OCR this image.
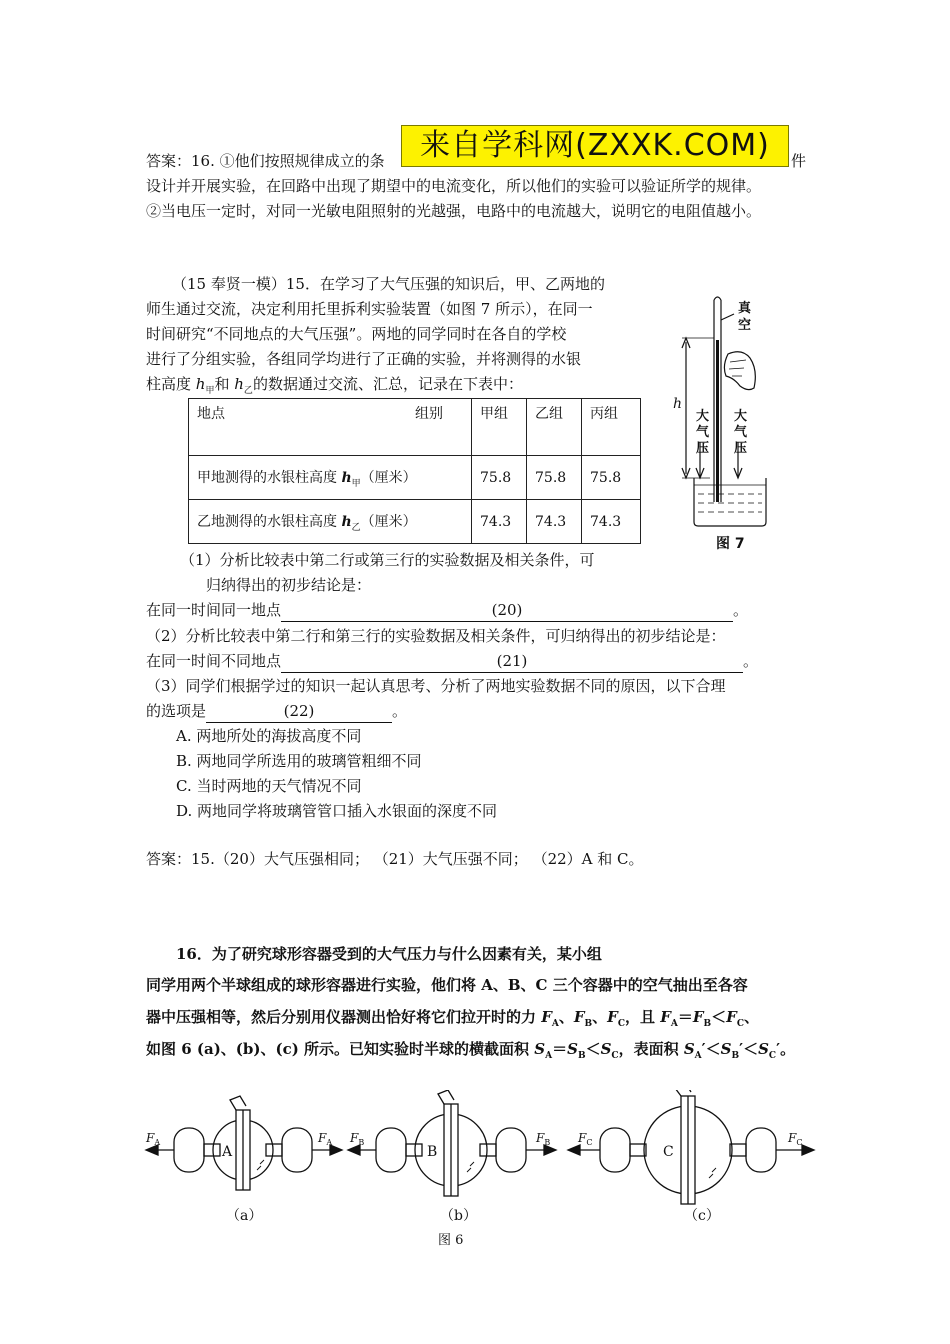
来自学科网(ZXXK.COM)
答案：16. ①他们按照规律成立的条	件
设计并开展实验，在回路中出现了期望中的电流变化，所以他们的实验可以验证所学的规律。
②当电压一定时，对同一光敏电阻照射的光越强，电路中的电流越大，说明它的电阻值越小。
（15 奉贤一模）15．在学习了大气压强的知识后，甲、乙两地的
师生通过交流，决定利用托里拆利实验装置（如图 7 所示），在同一
时间研究“不同地点的大气压强”。两地的同学同时在各自的学校
进行了分组实验，各组同学均进行了正确的实验，并将测得的水银
柱高度 $h_甲$和 $h_乙$的数据通过交流、汇总，记录在下表中：
地点 组别	甲组	乙组	丙组
甲地测得的水银柱高度 $h_甲$（厘米）	75.8	75.8	75.8
乙地测得的水银柱高度 $h_乙$（厘米）	74.3	74.3	74.3
真
空
大
气
压
大
气
压
图 7
h
（1）分析比较表中第二行或第三行的实验数据及相关条件，可
归纳得出的初步结论是：
在同一时间同一地点	(20)	。
（2）分析比较表中第二行和第三行的实验数据及相关条件，可归纳得出的初步结论是：
在同一时间不同地点	(21)	。
（3）同学们根据学过的知识一起认真思考、分析了两地实验数据不同的原因，以下合理
的选项是	(22)	。
A. 两地所处的海拔高度不同
B. 两地同学所选用的玻璃管粗细不同
C. 当时两地的天气情况不同
D. 两地同学将玻璃管管口插入水银面的深度不同
答案：15.（20）大气压强相同； （21）大气压强不同； （22）A 和 C。
16．为了研究球形容器受到的大气压力与什么因素有关，某小组
同学用两个半球组成的球形容器进行实验，他们将 A、B、C 三个容器中的空气抽出至各容
器中压强相等，然后分别用仪器测出恰好将它们拉开时的力 $F_A$、$F_B$、$F_C$，且 $F_A=F_B<F_C$、
如图 6 (a)、(b)、(c) 所示。已知实验时半球的横截面积 $S_A=S_B<S_C$，表面积 $S_A'<S_B'<S_C'$。
A	B	C
$F_A$	$F_A$ $F_B$	$F_B$ $F_C$	$F_C$
（a）	（b）	（c）
图 6
